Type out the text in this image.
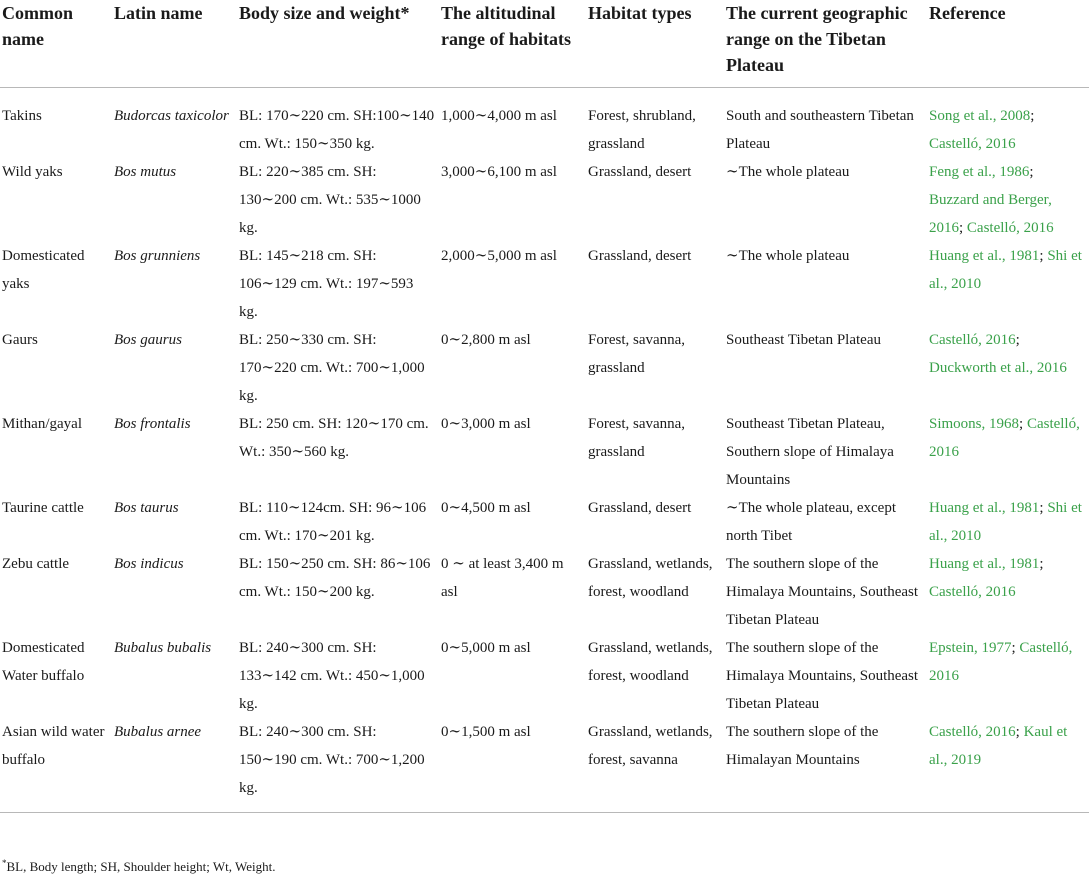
Common name	Latin name	Body size and weight*	The altitudinal range of habitats	Habitat types	The current geographic range on the Tibetan Plateau	Reference
Takins	Budorcas taxicolor	BL: 170∼220 cm. SH:100∼140 cm. Wt.: 150∼350 kg.	1,000∼4,000 m asl	Forest, shrubland, grassland	South and southeastern Tibetan Plateau	Song et al., 2008; Castelló, 2016
Wild yaks	Bos mutus	BL: 220∼385 cm. SH: 130∼200 cm. Wt.: 535∼1000 kg.	3,000∼6,100 m asl	Grassland, desert	∼The whole plateau	Feng et al., 1986; Buzzard and Berger, 2016; Castelló, 2016
Domesticated yaks	Bos grunniens	BL: 145∼218 cm. SH: 106∼129 cm. Wt.: 197∼593 kg.	2,000∼5,000 m asl	Grassland, desert	∼The whole plateau	Huang et al., 1981; Shi et al., 2010
Gaurs	Bos gaurus	BL: 250∼330 cm. SH: 170∼220 cm. Wt.: 700∼1,000 kg.	0∼2,800 m asl	Forest, savanna, grassland	Southeast Tibetan Plateau	Castelló, 2016; Duckworth et al., 2016
Mithan/gayal	Bos frontalis	BL: 250 cm. SH: 120∼170 cm. Wt.: 350∼560 kg.	0∼3,000 m asl	Forest, savanna, grassland	Southeast Tibetan Plateau, Southern slope of Himalaya Mountains	Simoons, 1968; Castelló, 2016
Taurine cattle	Bos taurus	BL: 110∼124cm. SH: 96∼106 cm. Wt.: 170∼201 kg.	0∼4,500 m asl	Grassland, desert	∼The whole plateau, except north Tibet	Huang et al., 1981; Shi et al., 2010
Zebu cattle	Bos indicus	BL: 150∼250 cm. SH: 86∼106 cm. Wt.: 150∼200 kg.	0 ∼ at least 3,400 m asl	Grassland, wetlands, forest, woodland	The southern slope of the Himalaya Mountains, Southeast Tibetan Plateau	Huang et al., 1981; Castelló, 2016
Domesticated Water buffalo	Bubalus bubalis	BL: 240∼300 cm. SH: 133∼142 cm. Wt.: 450∼1,000 kg.	0∼5,000 m asl	Grassland, wetlands, forest, woodland	The southern slope of the Himalaya Mountains, Southeast Tibetan Plateau	Epstein, 1977; Castelló, 2016
Asian wild water buffalo	Bubalus arnee	BL: 240∼300 cm. SH: 150∼190 cm. Wt.: 700∼1,200 kg.	0∼1,500 m asl	Grassland, wetlands, forest, savanna	The southern slope of the Himalayan Mountains	Castelló, 2016; Kaul et al., 2019
*BL, Body length; SH, Shoulder height; Wt, Weight.
